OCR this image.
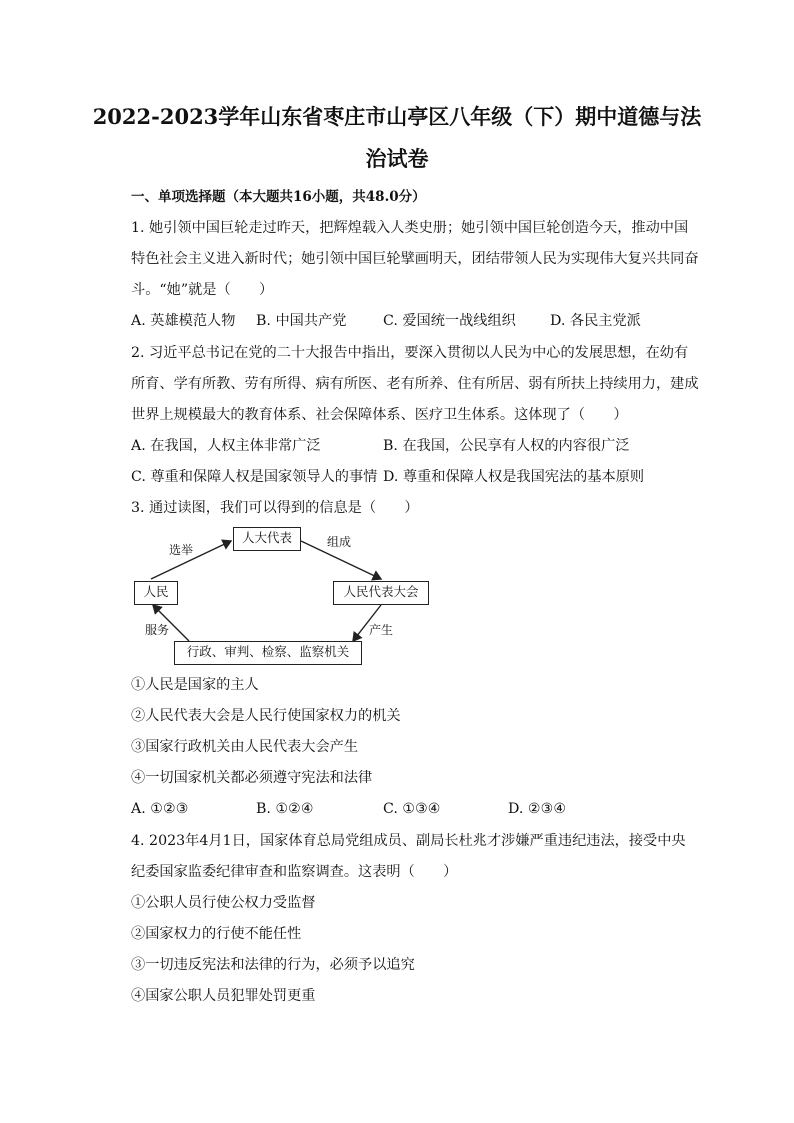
2022-2023学年山东省枣庄市山亭区八年级（下）期中道德与法
治试卷
一、单项选择题（本大题共16小题，共48.0分）
1. 她引领中国巨轮走过昨天，把辉煌载入人类史册；她引领中国巨轮创造今天，推动中国
特色社会主义进入新时代；她引领中国巨轮擘画明天，团结带领人民为实现伟大复兴共同奋
斗。“她”就是（　　）
A. 英雄模范人物	B. 中国共产党	C. 爱国统一战线组织	D. 各民主党派
2. 习近平总书记在党的二十大报告中指出，要深入贯彻以人民为中心的发展思想，在幼有
所育、学有所教、劳有所得、病有所医、老有所养、住有所居、弱有所扶上持续用力，建成
世界上规模最大的教育体系、社会保障体系、医疗卫生体系。这体现了（　　）
A. 在我国，人权主体非常广泛	B. 在我国，公民享有人权的内容很广泛
C. 尊重和保障人权是国家领导人的事情 D. 尊重和保障人权是我国宪法的基本原则
3. 通过读图，我们可以得到的信息是（　　）
人大代表
人民	人民代表大会
行政、审判、检察、监察机关
选举
组成
产生
服务
①人民是国家的主人
②人民代表大会是人民行使国家权力的机关
③国家行政机关由人民代表大会产生
④一切国家机关都必须遵守宪法和法律
A. ①②③	B. ①②④	C. ①③④	D. ②③④
4. 2023年4月1日，国家体育总局党组成员、副局长杜兆才涉嫌严重违纪违法，接受中央
纪委国家监委纪律审查和监察调查。这表明（　　）
①公职人员行使公权力受监督
②国家权力的行使不能任性
③一切违反宪法和法律的行为，必须予以追究
④国家公职人员犯罪处罚更重
